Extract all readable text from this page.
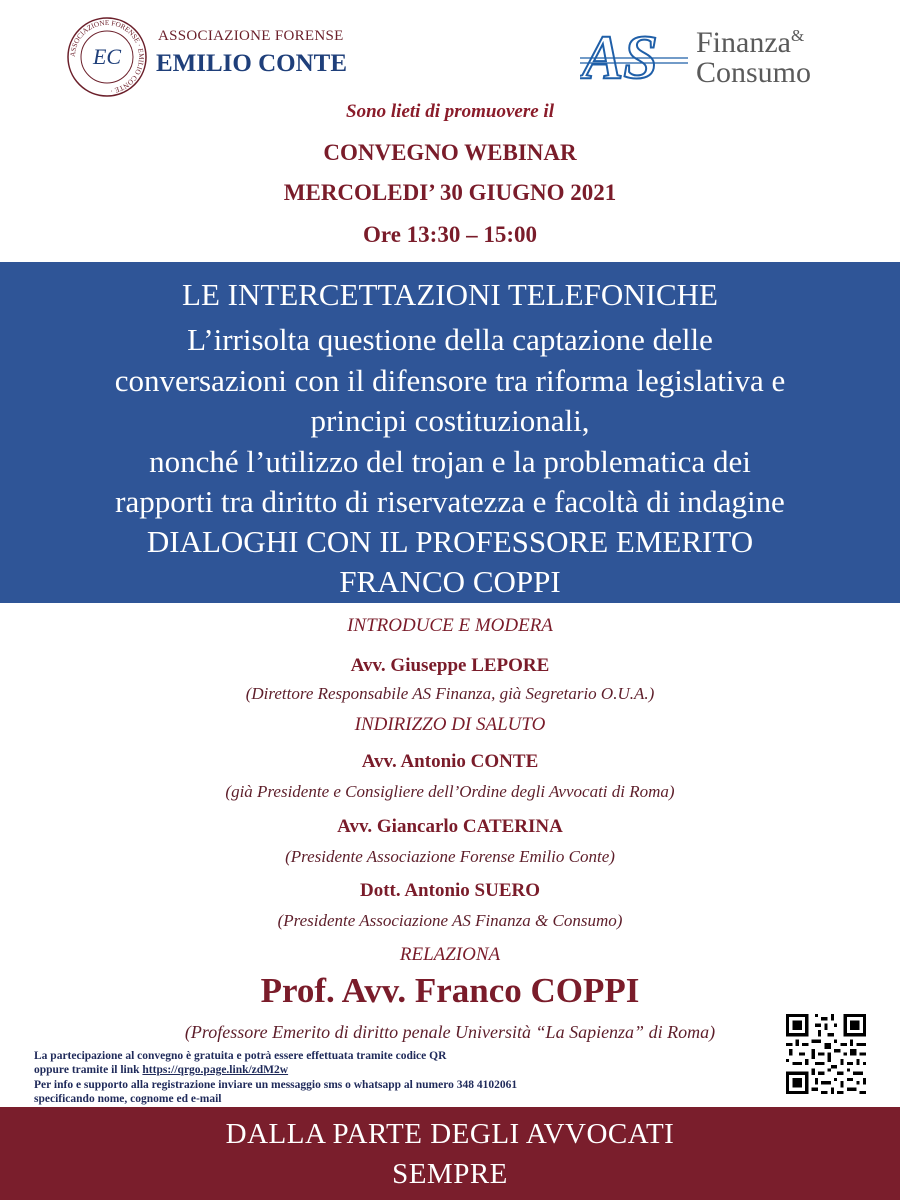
ASSOCIAZIONE FORENSE · EMILIO CONTE ·
EC
ASSOCIAZIONE FORENSE
EMILIO CONTE	AS Finanza&
Consumo
Sono lieti di promuovere il
CONVEGNO WEBINAR
MERCOLEDI’ 30 GIUGNO 2021
Ore 13:30 – 15:00
LE INTERCETTAZIONI TELEFONICHE
L’irrisolta questione della captazione delle
conversazioni con il difensore tra riforma legislativa e
principi costituzionali,
nonché l’utilizzo del trojan e la problematica dei
rapporti tra diritto di riservatezza e facoltà di indagine
DIALOGHI CON IL PROFESSORE EMERITO
FRANCO COPPI
INTRODUCE E MODERA
Avv. Giuseppe LEPORE
(Direttore Responsabile AS Finanza, già Segretario O.U.A.)
INDIRIZZO DI SALUTO
Avv. Antonio CONTE
(già Presidente e Consigliere dell’Ordine degli Avvocati di Roma)
Avv. Giancarlo CATERINA
(Presidente Associazione Forense Emilio Conte)
Dott. Antonio SUERO
(Presidente Associazione AS Finanza & Consumo)
RELAZIONA
Prof. Avv. Franco COPPI
(Professore Emerito di diritto penale Università “La Sapienza” di Roma)
La partecipazione al convegno è gratuita e potrà essere effettuata tramite codice QR
oppure tramite il link https://qrgo.page.link/zdM2w
Per info e supporto alla registrazione inviare un messaggio sms o whatsapp al numero 348 4102061
specificando nome, cognome ed e-mail
DALLA PARTE DEGLI AVVOCATI
SEMPRE
